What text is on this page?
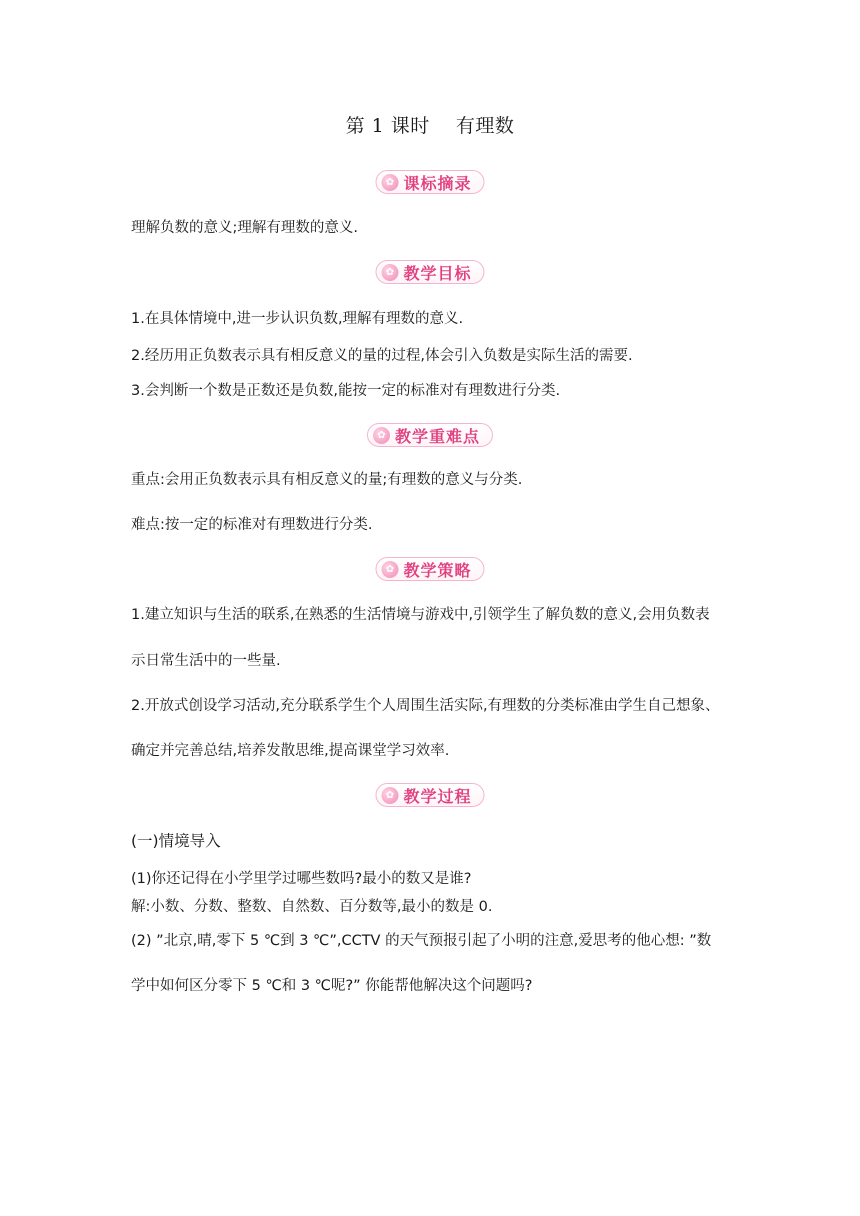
第 1 课时    有理数
✿ 课标摘录
理解负数的意义;理解有理数的意义.
✿ 教学目标
1.在具体情境中,进一步认识负数,理解有理数的意义.
2.经历用正负数表示具有相反意义的量的过程,体会引入负数是实际生活的需要.
3.会判断一个数是正数还是负数,能按一定的标准对有理数进行分类.
✿ 教学重难点
重点:会用正负数表示具有相反意义的量;有理数的意义与分类.
难点:按一定的标准对有理数进行分类.
✿ 教学策略
1.建立知识与生活的联系,在熟悉的生活情境与游戏中,引领学生了解负数的意义,会用负数表
示日常生活中的一些量.
2.开放式创设学习活动,充分联系学生个人周围生活实际,有理数的分类标准由学生自己想象、
确定并完善总结,培养发散思维,提高课堂学习效率.
✿ 教学过程
(一)情境导入
(1)你还记得在小学里学过哪些数吗?最小的数又是谁?
解:小数、分数、整数、自然数、百分数等,最小的数是 0.
(2) ”北京,晴,零下 5 ℃到 3 ℃”,CCTV 的天气预报引起了小明的注意,爱思考的他心想: ”数
学中如何区分零下 5 ℃和 3 ℃呢?” 你能帮他解决这个问题吗?
